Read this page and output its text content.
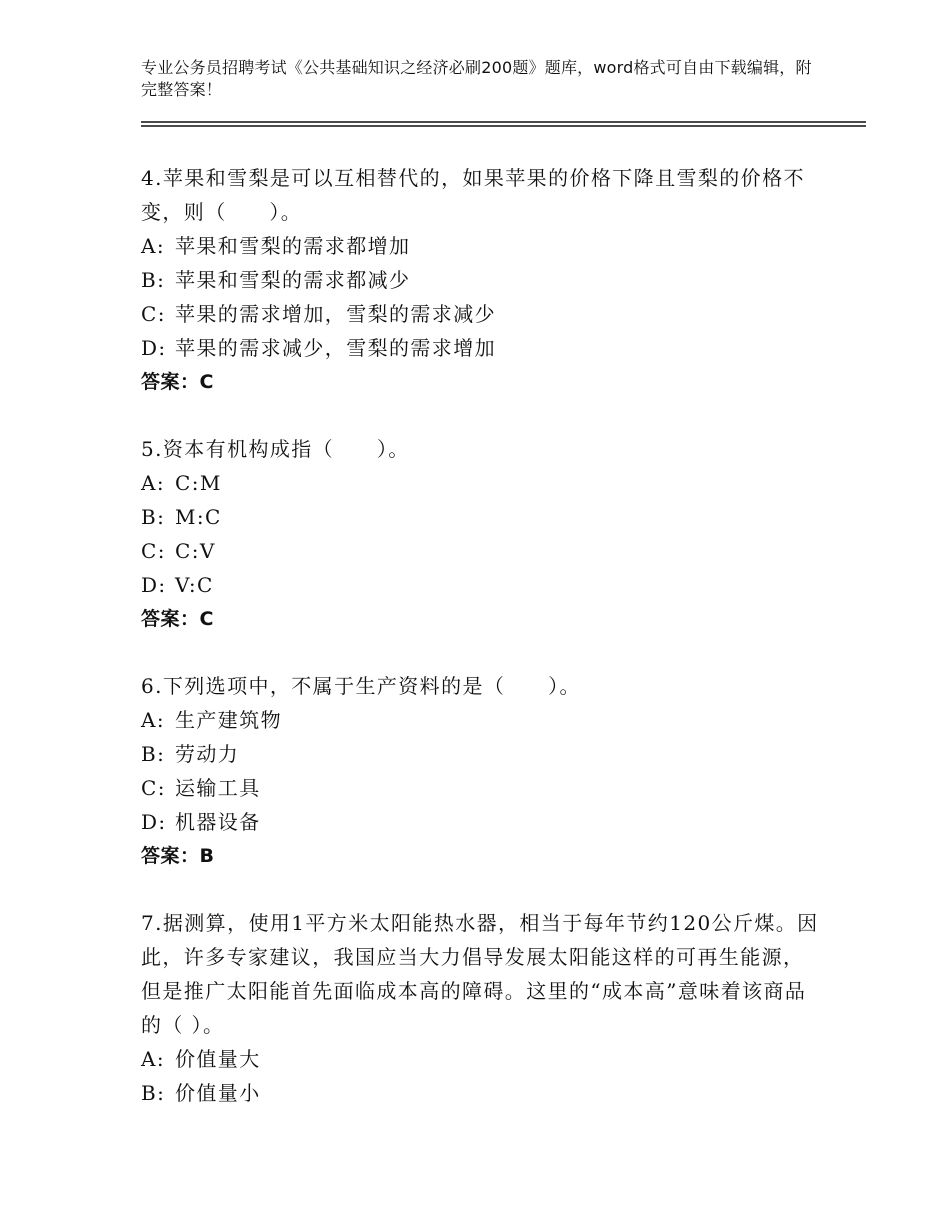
专业公务员招聘考试《公共基础知识之经济必刷200题》题库，word格式可自由下载编辑，附完整答案！
4.苹果和雪梨是可以互相替代的，如果苹果的价格下降且雪梨的价格不变，则（　　）。
A: 苹果和雪梨的需求都增加
B: 苹果和雪梨的需求都减少
C: 苹果的需求增加，雪梨的需求减少
D: 苹果的需求减少，雪梨的需求增加
答案：C
5.资本有机构成指（　　）。
A: C:M
B: M:C
C: C:V
D: V:C
答案：C
6.下列选项中，不属于生产资料的是（　　）。
A: 生产建筑物
B: 劳动力
C: 运输工具
D: 机器设备
答案：B
7.据测算，使用1平方米太阳能热水器，相当于每年节约120公斤煤。因此，许多专家建议，我国应当大力倡导发展太阳能这样的可再生能源，但是推广太阳能首先面临成本高的障碍。这里的“成本高”意味着该商品的（ ）。
A: 价值量大
B: 价值量小
